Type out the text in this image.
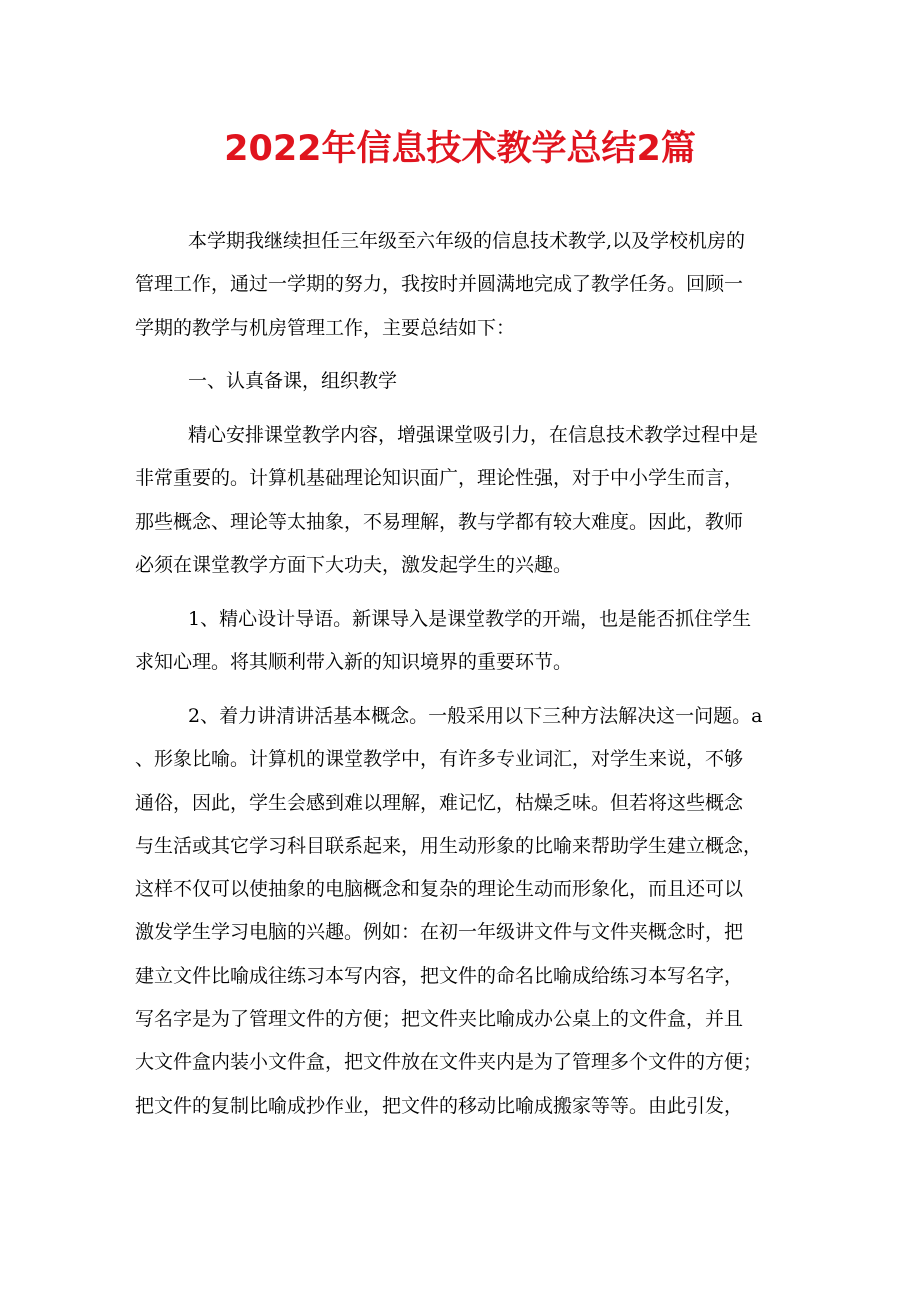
2022年信息技术教学总结2篇
本学期我继续担任三年级至六年级的信息技术教学,以及学校机房的
管理工作，通过一学期的努力，我按时并圆满地完成了教学任务。回顾一
学期的教学与机房管理工作，主要总结如下：
一、认真备课，组织教学
精心安排课堂教学内容，增强课堂吸引力，在信息技术教学过程中是
非常重要的。计算机基础理论知识面广，理论性强，对于中小学生而言，
那些概念、理论等太抽象，不易理解，教与学都有较大难度。因此，教师
必须在课堂教学方面下大功夫，激发起学生的兴趣。
1、精心设计导语。新课导入是课堂教学的开端，也是能否抓住学生
求知心理。将其顺利带入新的知识境界的重要环节。
2、着力讲清讲活基本概念。一般采用以下三种方法解决这一问题。a
、形象比喻。计算机的课堂教学中，有许多专业词汇，对学生来说，不够
通俗，因此，学生会感到难以理解，难记忆，枯燥乏味。但若将这些概念
与生活或其它学习科目联系起来，用生动形象的比喻来帮助学生建立概念，
这样不仅可以使抽象的电脑概念和复杂的理论生动而形象化，而且还可以
激发学生学习电脑的兴趣。例如：在初一年级讲文件与文件夹概念时，把
建立文件比喻成往练习本写内容，把文件的命名比喻成给练习本写名字，
写名字是为了管理文件的方便；把文件夹比喻成办公桌上的文件盒，并且
大文件盒内装小文件盒，把文件放在文件夹内是为了管理多个文件的方便；
把文件的复制比喻成抄作业，把文件的移动比喻成搬家等等。由此引发，
